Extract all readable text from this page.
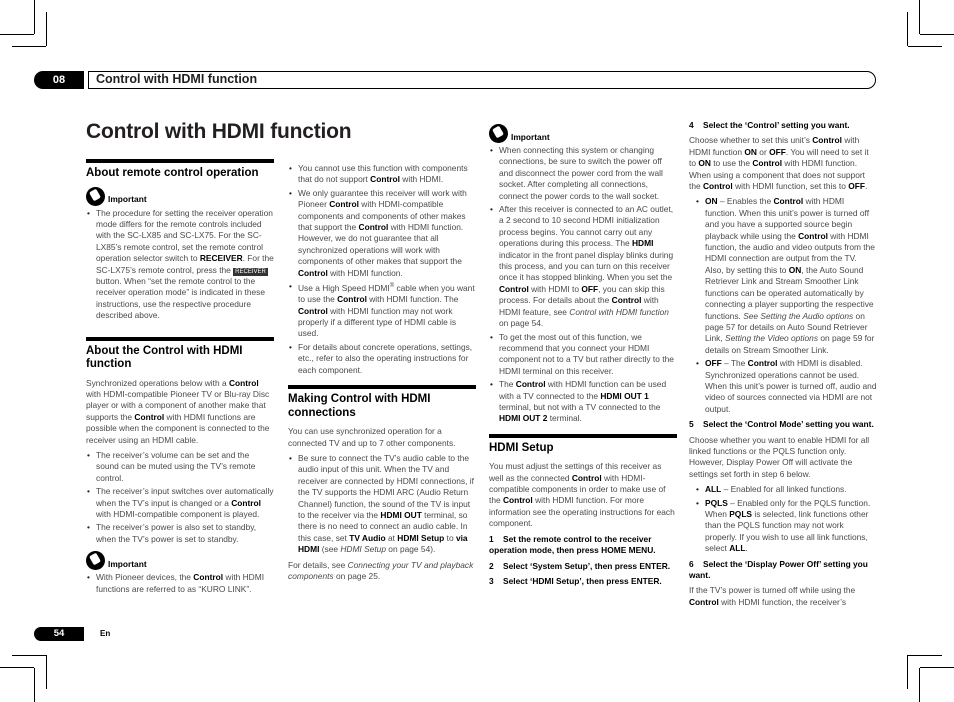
08	Control with HDMI function
Control with HDMI function
About remote control operation
Important
• The procedure for setting the receiver operation mode differs for the remote controls included with the SC-LX85 and SC-LX75. For the SC-LX85’s remote control, set the remote control operation selector switch to RECEIVER. For the SC-LX75’s remote control, press the RECEIVER button. When “set the remote control to the receiver operation mode” is indicated in these instructions, use the respective procedure described above.
About the Control with HDMI function

Synchronized operations below with a Control with HDMI-compatible Pioneer TV or Blu-ray Disc player or with a component of another make that supports the Control with HDMI functions are possible when the component is connected to the receiver using an HDMI cable.

• The receiver’s volume can be set and the sound can be muted using the TV’s remote control.
• The receiver’s input switches over automatically when the TV’s input is changed or a Control with HDMI-compatible component is played.
• The receiver’s power is also set to standby, when the TV’s power is set to standby.
Important
• With Pioneer devices, the Control with HDMI functions are referred to as “KURO LINK”.
• You cannot use this function with components that do not support Control with HDMI.
• We only guarantee this receiver will work with Pioneer Control with HDMI-compatible components and components of other makes that support the Control with HDMI function. However, we do not guarantee that all synchronized operations will work with components of other makes that support the Control with HDMI function.
• Use a High Speed HDMI® cable when you want to use the Control with HDMI function. The Control with HDMI function may not work properly if a different type of HDMI cable is used.
• For details about concrete operations, settings, etc., refer to also the operating instructions for each component.
Making Control with HDMI connections

You can use synchronized operation for a connected TV and up to 7 other components.

• Be sure to connect the TV’s audio cable to the audio input of this unit. When the TV and receiver are connected by HDMI connections, if the TV supports the HDMI ARC (Audio Return Channel) function, the sound of the TV is input to the receiver via the HDMI OUT terminal, so there is no need to connect an audio cable. In this case, set TV Audio at HDMI Setup to via HDMI (see HDMI Setup on page 54).

For details, see Connecting your TV and playback components on page 25.

Important
• When connecting this system or changing connections, be sure to switch the power off and disconnect the power cord from the wall socket. After completing all connections, connect the power cords to the wall socket.
• After this receiver is connected to an AC outlet, a 2 second to 10 second HDMI initialization process begins. You cannot carry out any operations during this process. The HDMI indicator in the front panel display blinks during this process, and you can turn on this receiver once it has stopped blinking. When you set the Control with HDMI to OFF, you can skip this process. For details about the Control with HDMI feature, see Control with HDMI function on page 54.
• To get the most out of this function, we recommend that you connect your HDMI component not to a TV but rather directly to the HDMI terminal on this receiver.
• The Control with HDMI function can be used with a TV connected to the HDMI OUT 1 terminal, but not with a TV connected to the HDMI OUT 2 terminal.
HDMI Setup

You must adjust the settings of this receiver as well as the connected Control with HDMI-compatible components in order to make use of the Control with HDMI function. For more information see the operating instructions for each component.

1 Set the remote control to the receiver operation mode, then press HOME MENU.

2 Select ‘System Setup’, then press ENTER.

3 Select ‘HDMI Setup’, then press ENTER.

4 Select the ‘Control’ setting you want.

Choose whether to set this unit’s Control with HDMI function ON or OFF. You will need to set it to ON to use the Control with HDMI function. When using a component that does not support the Control with HDMI function, set this to OFF.

• ON – Enables the Control with HDMI function. When this unit’s power is turned off and you have a supported source begin playback while using the Control with HDMI function, the audio and video outputs from the HDMI connection are output from the TV. Also, by setting this to ON, the Auto Sound Retriever Link and Stream Smoother Link functions can be operated automatically by connecting a player supporting the respective functions. See Setting the Audio options on page 57 for details on Auto Sound Retriever Link, Setting the Video options on page 59 for details on Stream Smoother Link.
• OFF – The Control with HDMI is disabled. Synchronized operations cannot be used. When this unit’s power is turned off, audio and video of sources connected via HDMI are not output.

5 Select the ‘Control Mode’ setting you want.

Choose whether you want to enable HDMI for all linked functions or the PQLS function only. However, Display Power Off will activate the settings set forth in step 6 below.

• ALL – Enabled for all linked functions.
• PQLS – Enabled only for the PQLS function. When PQLS is selected, link functions other than the PQLS function may not work properly. If you wish to use all link functions, select ALL.

6 Select the ‘Display Power Off’ setting you want.

If the TV’s power is turned off while using the Control with HDMI function, the receiver’s

54	En
